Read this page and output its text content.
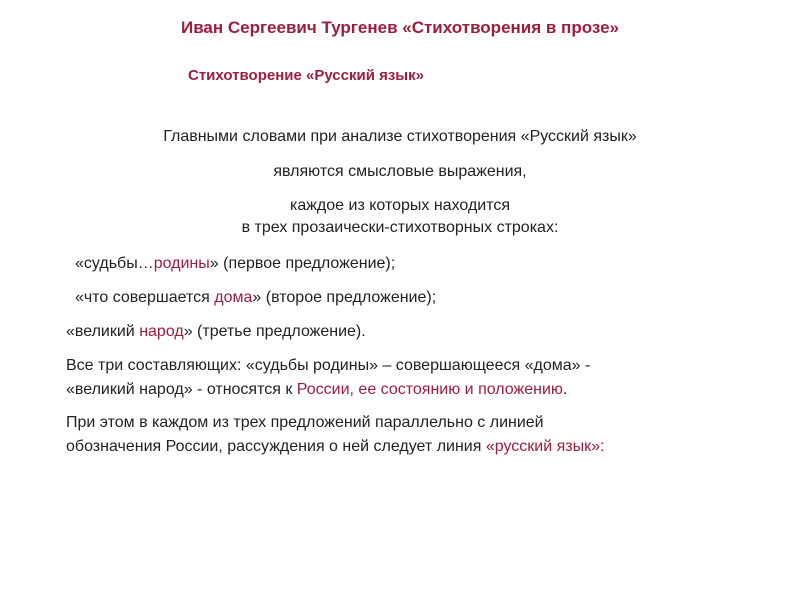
Иван Сергеевич Тургенев «Стихотворения в прозе»
Стихотворение «Русский язык»
Главными словами при анализе стихотворения «Русский язык»
являются смысловые выражения,
каждое из которых находится
в трех прозаически-стихотворных строках:
«судьбы…родины» (первое предложение);
«что совершается дома» (второе предложение);
«великий народ» (третье предложение).
Все три составляющих: «судьбы родины» – совершающееся «дома» -
«великий народ» - относятся к России, ее состоянию и положению.
При этом в каждом из трех предложений параллельно с линией
обозначения России, рассуждения о ней следует линия «русский язык»:
